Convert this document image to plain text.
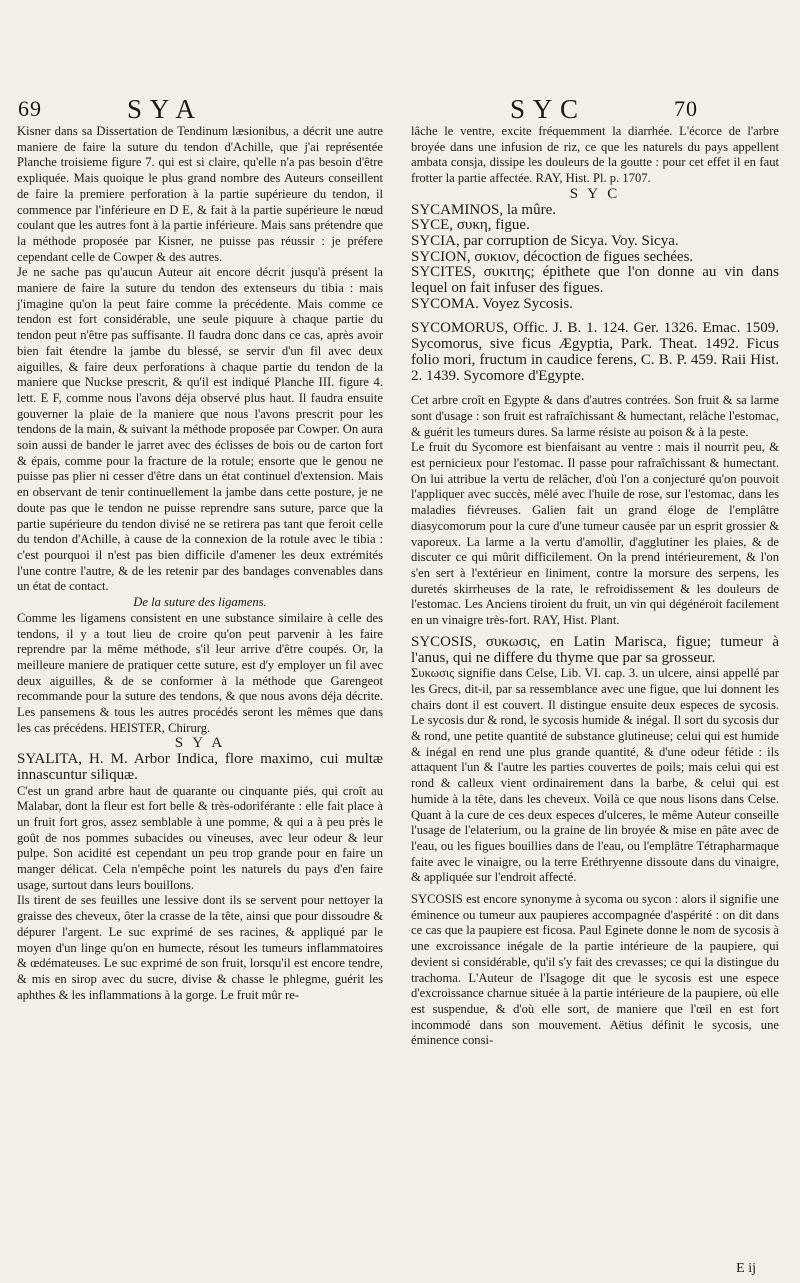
69	S Y A	S Y C	70

Kisner dans sa Dissertation de Tendinum læsionibus, a décrit une autre maniere de faire la suture du tendon d'Achille, que j'ai représentée Planche troisieme figure 7. qui est si claire, qu'elle n'a pas besoin d'être expliquée. Mais quoique le plus grand nombre des Auteurs conseillent de faire la premiere perforation à la partie supérieure du tendon, il commence par l'inférieure en D E, & fait à la partie supérieure le nœud coulant que les autres font à la partie inférieure. Mais sans prétendre que la méthode proposée par Kisner, ne puisse pas réussir : je préfere cependant celle de Cowper & des autres.

Je ne sache pas qu'aucun Auteur ait encore décrit jusqu'à présent la maniere de faire la suture du tendon des extenseurs du tibia : mais j'imagine qu'on la peut faire comme la précédente. Mais comme ce tendon est fort considérable, une seule piquure à chaque partie du tendon peut n'être pas suffisante. Il faudra donc dans ce cas, après avoir bien fait étendre la jambe du blessé, se servir d'un fil avec deux aiguilles, & faire deux perforations à chaque partie du tendon de la maniere que Nuckse prescrit, & qu'il est indiqué Planche III. figure 4. lett. E F, comme nous l'avons déja observé plus haut. Il faudra ensuite gouverner la plaie de la maniere que nous l'avons prescrit pour les tendons de la main, & suivant la méthode proposée par Cowper. On aura soin aussi de bander le jarret avec des éclisses de bois ou de carton fort & épais, comme pour la fracture de la rotule; ensorte que le genou ne puisse pas plier ni cesser d'être dans un état continuel d'extension. Mais en observant de tenir continuellement la jambe dans cette posture, je ne doute pas que le tendon ne puisse reprendre sans suture, parce que la partie supérieure du tendon divisé ne se retirera pas tant que feroit celle du tendon d'Achille, à cause de la connexion de la rotule avec le tibia : c'est pourquoi il n'est pas bien difficile d'amener les deux extrémités l'une contre l'autre, & de les retenir par des bandages convenables dans un état de contact.

De la suture des ligamens.

Comme les ligamens consistent en une substance similaire à celle des tendons, il y a tout lieu de croire qu'on peut parvenir à les faire reprendre par la même méthode, s'il leur arrive d'être coupés. Or, la meilleure maniere de pratiquer cette suture, est d'y employer un fil avec deux aiguilles, & de se conformer à la méthode que Garengeot recommande pour la suture des tendons, & que nous avons déja décrite. Les pansemens & tous les autres procédés seront les mêmes que dans les cas précédens. HEISTER, Chirurg.

S Y A

SYALITA, H. M. Arbor Indica, flore maximo, cui multæ innascuntur siliquæ.

C'est un grand arbre haut de quarante ou cinquante piés, qui croît au Malabar, dont la fleur est fort belle & très-odoriférante : elle fait place à un fruit fort gros, assez semblable à une pomme, & qui a à peu près le goût de nos pommes subacides ou vineuses, avec leur odeur & leur pulpe. Son acidité est cependant un peu trop grande pour en faire un manger délicat. Cela n'empêche point les naturels du pays d'en faire usage, surtout dans leurs bouillons.

Ils tirent de ses feuilles une lessive dont ils se servent pour nettoyer la graisse des cheveux, ôter la crasse de la tête, ainsi que pour dissoudre & dépurer l'argent. Le suc exprimé de ses racines, & appliqué par le moyen d'un linge qu'on en humecte, résout les tumeurs inflammatoires & œdémateuses. Le suc exprimé de son fruit, lorsqu'il est encore tendre, & mis en sirop avec du sucre, divise & chasse le phlegme, guérit les aphthes & les inflammations à la gorge. Le fruit mûr re-

lâche le ventre, excite fréquemment la diarrhée. L'écorce de l'arbre broyée dans une infusion de riz, ce que les naturels du pays appellent ambata consja, dissipe les douleurs de la goutte : pour cet effet il en faut frotter la partie affectée. RAY, Hist. Pl. p. 1707.

S Y C

SYCAMINOS, la mûre.

SYCE, συκη, figue.

SYCIA, par corruption de Sicya. Voy. Sicya.

SYCION, συκιον, décoction de figues sechées.

SYCITES, συκιτης; épithete que l'on donne au vin dans lequel on fait infuser des figues.

SYCOMA. Voyez Sycosis.

SYCOMORUS, Offic. J. B. 1. 124. Ger. 1326. Emac. 1509. Sycomorus, sive ficus Ægyptia, Park. Theat. 1492. Ficus folio mori, fructum in caudice ferens, C. B. P. 459. Raii Hist. 2. 1439. Sycomore d'Egypte.

Cet arbre croît en Egypte & dans d'autres contrées. Son fruit & sa larme sont d'usage : son fruit est rafraîchissant & humectant, relâche l'estomac, & guérit les tumeurs dures. Sa larme résiste au poison & à la peste.

Le fruit du Sycomore est bienfaisant au ventre : mais il nourrit peu, & est pernicieux pour l'estomac. Il passe pour rafraîchissant & humectant. On lui attribue la vertu de relâcher, d'où l'on a conjecturé qu'on pouvoit l'appliquer avec succès, mêlé avec l'huile de rose, sur l'estomac, dans les maladies fiévreuses. Galien fait un grand éloge de l'emplâtre diasycomorum pour la cure d'une tumeur causée par un esprit grossier & vaporeux. La larme a la vertu d'amollir, d'agglutiner les plaies, & de discuter ce qui mûrit difficilement. On la prend intérieurement, & l'on s'en sert à l'extérieur en liniment, contre la morsure des serpens, les duretés skirrheuses de la rate, le refroidissement & les douleurs de l'estomac. Les Anciens tiroient du fruit, un vin qui dégénéroit facilement en un vinaigre très-fort. RAY, Hist. Plant.

SYCOSIS, συκωσις, en Latin Marisca, figue; tumeur à l'anus, qui ne differe du thyme que par sa grosseur.

Συκωσις signifie dans Celse, Lib. VI. cap. 3. un ulcere, ainsi appellé par les Grecs, dit-il, par sa ressemblance avec une figue, que lui donnent les chairs dont il est couvert. Il distingue ensuite deux especes de sycosis. Le sycosis dur & rond, le sycosis humide & inégal. Il sort du sycosis dur & rond, une petite quantité de substance glutineuse; celui qui est humide & inégal en rend une plus grande quantité, & d'une odeur fétide : ils attaquent l'un & l'autre les parties couvertes de poils; mais celui qui est rond & calleux vient ordinairement dans la barbe, & celui qui est humide à la tête, dans les cheveux. Voilà ce que nous lisons dans Celse. Quant à la cure de ces deux especes d'ulceres, le même Auteur conseille l'usage de l'elaterium, ou la graine de lin broyée & mise en pâte avec de l'eau, ou les figues bouillies dans de l'eau, ou l'emplâtre Tétrapharmaque faite avec le vinaigre, ou la terre Eréthryenne dissoute dans du vinaigre, & appliquée sur l'endroit affecté.

SYCOSIS est encore synonyme à sycoma ou sycon : alors il signifie une éminence ou tumeur aux paupieres accompagnée d'aspérité : on dit dans ce cas que la paupiere est ficosa. Paul Eginete donne le nom de sycosis à une excroissance inégale de la partie intérieure de la paupiere, qui devient si considérable, qu'il s'y fait des crevasses; ce qui la distingue du trachoma. L'Auteur de l'Isagoge dit que le sycosis est une espece d'excroissance charnue située à la partie intérieure de la paupiere, où elle est suspendue, & d'où elle sort, de maniere que l'œil en est fort incommodé dans son mouvement. Aëtius définit le sycosis, une éminence consi-

E ij
